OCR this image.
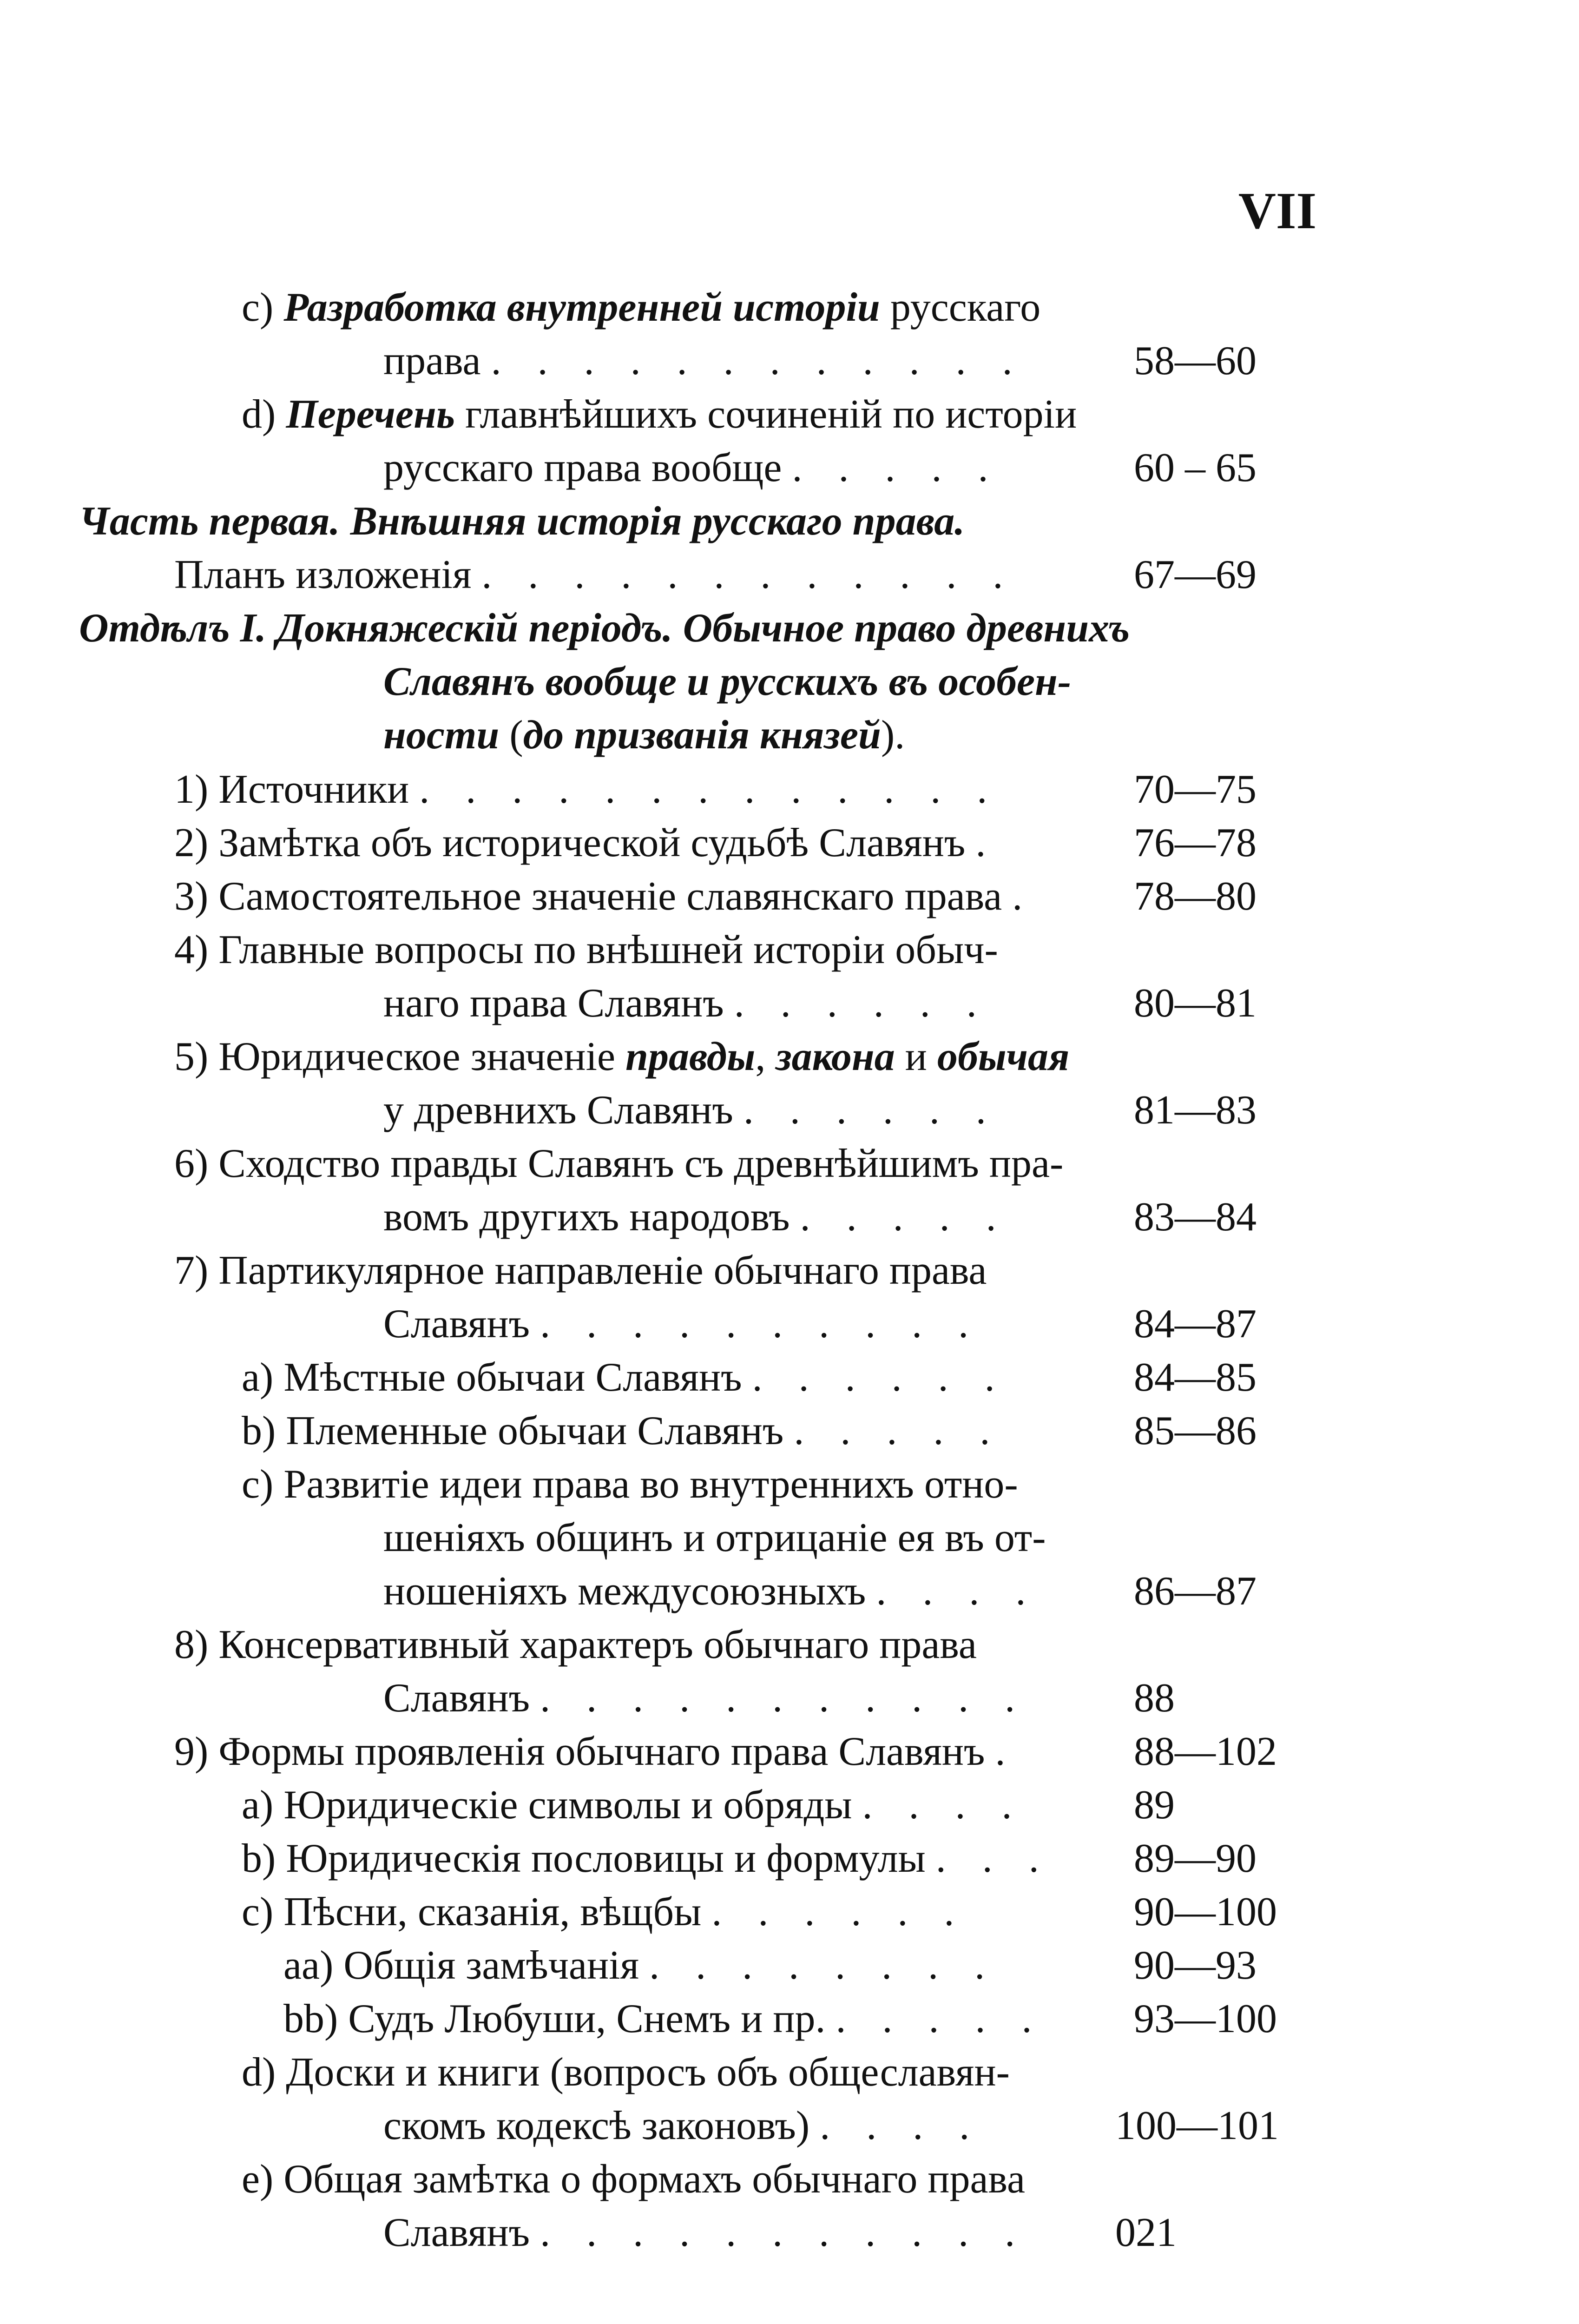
VII
c) Разработка внутренней исторіи русскаго
права . . . . . . . . . . . .	58—60
d) Перечень главнѣйшихъ сочиненій по исторіи
русскаго права вообще . . . . .	60 – 65
Часть первая. Внѣшняя исторія русскаго права.
Планъ изложенія . . . . . . . . . . . .	67—69
Отдѣлъ I. Докняжескій періодъ. Обычное право древнихъ
Славянъ вообще и русскихъ въ особен-
ности (до призванія князей).
1) Источники . . . . . . . . . . . . .	70—75
2) Замѣтка объ исторической судьбѣ Славянъ .	76—78
3) Самостоятельное значеніе славянскаго права . 78—80
4) Главные вопросы по внѣшней исторіи обыч-
наго права Славянъ . . . . . .	80—81
5) Юридическое значеніе правды, закона и обычая
у древнихъ Славянъ . . . . . .	81—83
6) Сходство правды Славянъ съ древнѣйшимъ пра-
вомъ другихъ народовъ . . . . .	83—84
7) Партикулярное направленіе обычнаго права
Славянъ . . . . . . . . . .	84—87
a) Мѣстные обычаи Славянъ . . . . . .	84—85
b) Племенные обычаи Славянъ . . . . .	85—86
c) Развитіе идеи права во внутреннихъ отно-
шеніяхъ общинъ и отрицаніе ея въ от-
ношеніяхъ междусоюзныхъ . . . . 86—87
8) Консервативный характеръ обычнаго права
Славянъ . . . . . . . . . . .	88
9) Формы проявленія обычнаго права Славянъ .	88—102
a) Юридическіе символы и обряды . . . .	89
b) Юридическія пословицы и формулы . . . 89—90
c) Пѣсни, сказанія, вѣщбы . . . . . .	90—100
aa) Общія замѣчанія . . . . . . . .	90—93
bb) Судъ Любуши, Снемъ и пр. . . . . . 93—100
d) Доски и книги (вопросъ объ общеславян-
скомъ кодексѣ законовъ) . . . .	100—101
e) Общая замѣтка о формахъ обычнаго права
Славянъ . . . . . . . . . . . 021
